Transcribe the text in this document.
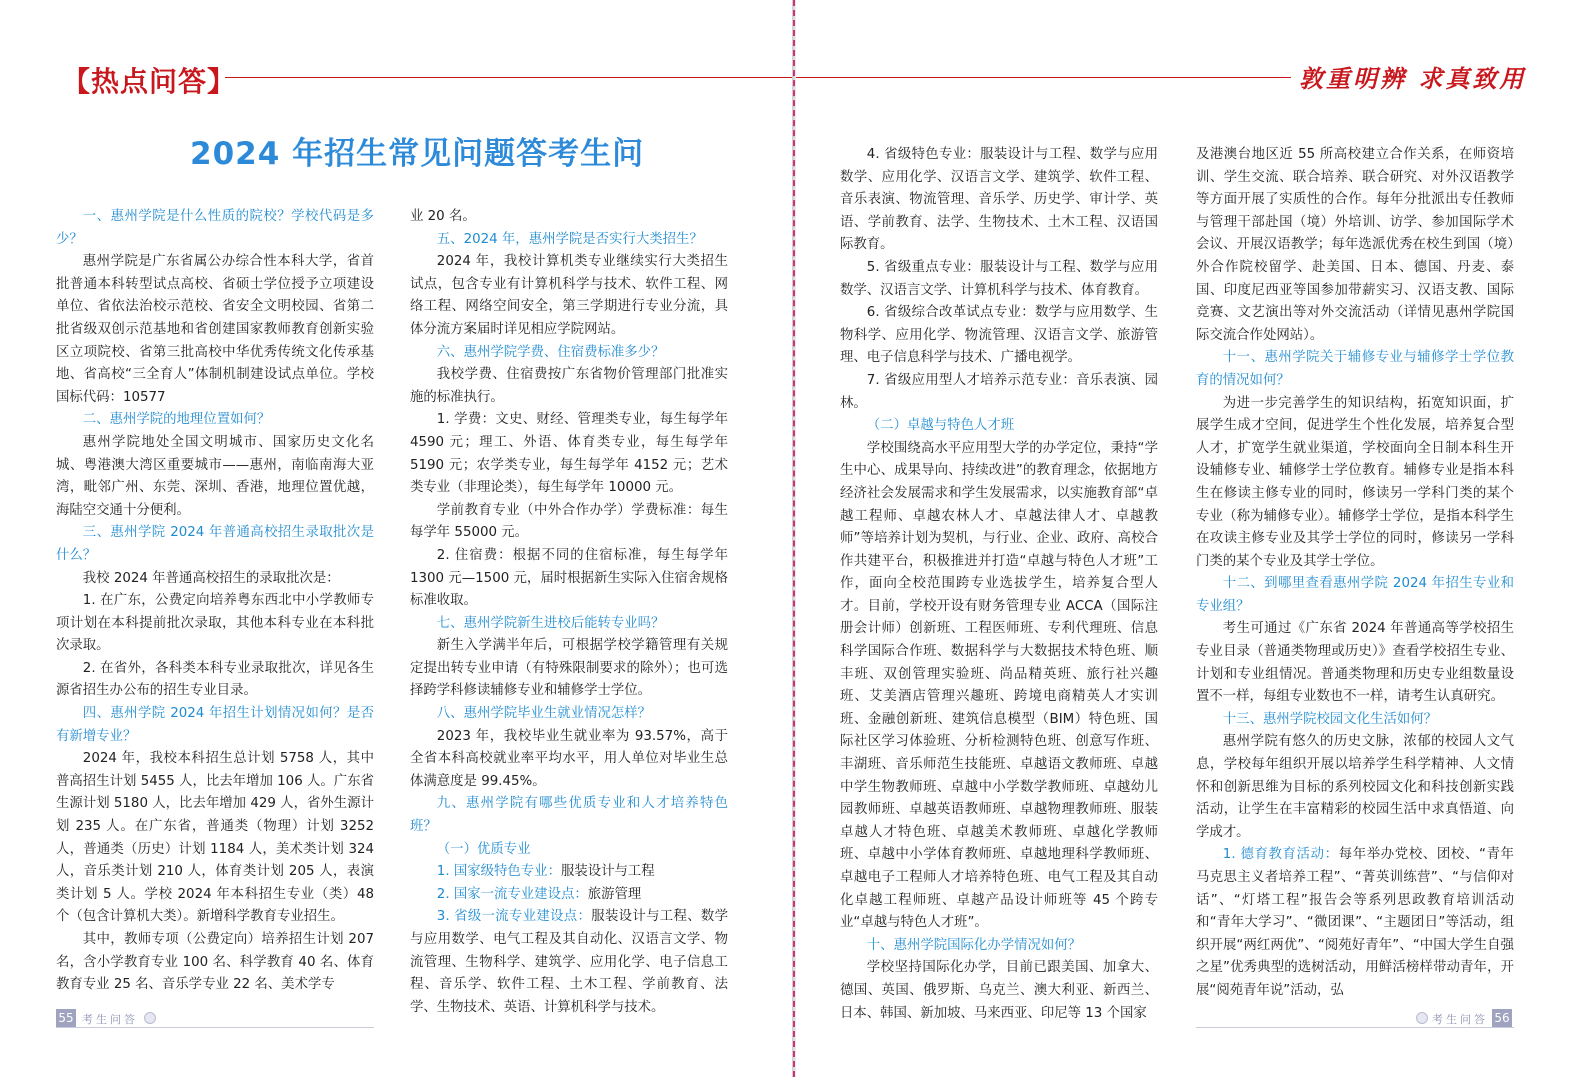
【热点问答】
2024 年招生常见问题答考生问

一、惠州学院是什么性质的院校？学校代码是多少？

惠州学院是广东省属公办综合性本科大学，省首批普通本科转型试点高校、省硕士学位授予立项建设单位、省依法治校示范校、省安全文明校园、省第二批省级双创示范基地和省创建国家教师教育创新实验区立项院校、省第三批高校中华优秀传统文化传承基地、省高校“三全育人”体制机制建设试点单位。学校国标代码：10577

二、惠州学院的地理位置如何？

惠州学院地处全国文明城市、国家历史文化名城、粤港澳大湾区重要城市——惠州，南临南海大亚湾，毗邻广州、东莞、深圳、香港，地理位置优越，海陆空交通十分便利。

三、惠州学院 2024 年普通高校招生录取批次是什么？

我校 2024 年普通高校招生的录取批次是：

1. 在广东，公费定向培养粤东西北中小学教师专项计划在本科提前批次录取，其他本科专业在本科批次录取。

2. 在省外，各科类本科专业录取批次，详见各生源省招生办公布的招生专业目录。

四、惠州学院 2024 年招生计划情况如何？是否有新增专业？

2024 年，我校本科招生总计划 5758 人，其中普高招生计划 5455 人，比去年增加 106 人。广东省生源计划 5180 人，比去年增加 429 人，省外生源计划 235 人。在广东省，普通类（物理）计划 3252 人，普通类（历史）计划 1184 人，美术类计划 324 人，音乐类计划 210 人，体育类计划 205 人，表演类计划 5 人。学校 2024 年本科招生专业（类）48 个（包含计算机大类）。新增科学教育专业招生。

其中，教师专项（公费定向）培养招生计划 207 名，含小学教育专业 100 名、科学教育 40 名、体育教育专业 25 名、音乐学专业 22 名、美术学专

业 20 名。

五、2024 年，惠州学院是否实行大类招生？

2024 年，我校计算机类专业继续实行大类招生试点，包含专业有计算机科学与技术、软件工程、网络工程、网络空间安全，第三学期进行专业分流，具体分流方案届时详见相应学院网站。

六、惠州学院学费、住宿费标准多少？

我校学费、住宿费按广东省物价管理部门批准实施的标准执行。

1. 学费：文史、财经、管理类专业，每生每学年 4590 元；理工、外语、体育类专业，每生每学年 5190 元；农学类专业，每生每学年 4152 元；艺术类专业（非理论类），每生每学年 10000 元。

学前教育专业（中外合作办学）学费标准：每生每学年 55000 元。

2. 住宿费：根据不同的住宿标准，每生每学年 1300 元—1500 元，届时根据新生实际入住宿舍规格标准收取。

七、惠州学院新生进校后能转专业吗？

新生入学满半年后，可根据学校学籍管理有关规定提出转专业申请（有特殊限制要求的除外）；也可选择跨学科修读辅修专业和辅修学士学位。

八、惠州学院毕业生就业情况怎样？

2023 年，我校毕业生就业率为 93.57%，高于全省本科高校就业率平均水平，用人单位对毕业生总体满意度是 99.45%。

九、惠州学院有哪些优质专业和人才培养特色班？

（一）优质专业

1. 国家级特色专业：服装设计与工程

2. 国家一流专业建设点：旅游管理

3. 省级一流专业建设点：服装设计与工程、数学与应用数学、电气工程及其自动化、汉语言文学、物流管理、生物科学、建筑学、应用化学、电子信息工程、音乐学、软件工程、土木工程、学前教育、法学、生物技术、英语、计算机科学与技术。

55 考生问答
敦重明辨 求真致用

4. 省级特色专业：服装设计与工程、数学与应用数学、应用化学、汉语言文学、建筑学、软件工程、音乐表演、物流管理、音乐学、历史学、审计学、英语、学前教育、法学、生物技术、土木工程、汉语国际教育。

5. 省级重点专业：服装设计与工程、数学与应用数学、汉语言文学、计算机科学与技术、体育教育。

6. 省级综合改革试点专业：数学与应用数学、生物科学、应用化学、物流管理、汉语言文学、旅游管理、电子信息科学与技术、广播电视学。

7. 省级应用型人才培养示范专业：音乐表演、园林。

（二）卓越与特色人才班

学校围绕高水平应用型大学的办学定位，秉持“学生中心、成果导向、持续改进”的教育理念，依据地方经济社会发展需求和学生发展需求，以实施教育部“卓越工程师、卓越农林人才、卓越法律人才、卓越教师”等培养计划为契机，与行业、企业、政府、高校合作共建平台，积极推进并打造“卓越与特色人才班”工作，面向全校范围跨专业选拔学生，培养复合型人才。目前，学校开设有财务管理专业 ACCA（国际注册会计师）创新班、工程医师班、专利代理班、信息科学国际合作班、数据科学与大数据技术特色班、顺丰班、双创管理实验班、尚品精英班、旅行社兴趣班、艾美酒店管理兴趣班、跨境电商精英人才实训班、金融创新班、建筑信息模型（BIM）特色班、国际社区学习体验班、分析检测特色班、创意写作班、丰湖班、音乐师范生技能班、卓越语文教师班、卓越中学生物教师班、卓越中小学数学教师班、卓越幼儿园教师班、卓越英语教师班、卓越物理教师班、服装卓越人才特色班、卓越美术教师班、卓越化学教师班、卓越中小学体育教师班、卓越地理科学教师班、卓越电子工程师人才培养特色班、电气工程及其自动化卓越工程师班、卓越产品设计师班等 45 个跨专业“卓越与特色人才班”。

十、惠州学院国际化办学情况如何？

学校坚持国际化办学，目前已跟美国、加拿大、德国、英国、俄罗斯、乌克兰、澳大利亚、新西兰、日本、韩国、新加坡、马来西亚、印尼等 13 个国家

及港澳台地区近 55 所高校建立合作关系，在师资培训、学生交流、联合培养、联合研究、对外汉语教学等方面开展了实质性的合作。每年分批派出专任教师与管理干部赴国（境）外培训、访学、参加国际学术会议、开展汉语教学；每年选派优秀在校生到国（境）外合作院校留学、赴美国、日本、德国、丹麦、泰国、印度尼西亚等国参加带薪实习、汉语支教、国际竞赛、文艺演出等对外交流活动（详情见惠州学院国际交流合作处网站）。

十一、惠州学院关于辅修专业与辅修学士学位教育的情况如何？

为进一步完善学生的知识结构，拓宽知识面，扩展学生成才空间，促进学生个性化发展，培养复合型人才，扩宽学生就业渠道，学校面向全日制本科生开设辅修专业、辅修学士学位教育。辅修专业是指本科生在修读主修专业的同时，修读另一学科门类的某个专业（称为辅修专业）。辅修学士学位，是指本科学生在攻读主修专业及其学士学位的同时，修读另一学科门类的某个专业及其学士学位。

十二、到哪里查看惠州学院 2024 年招生专业和专业组？

考生可通过《广东省 2024 年普通高等学校招生专业目录（普通类物理或历史）》查看学校招生专业、计划和专业组情况。普通类物理和历史专业组数量设置不一样，每组专业数也不一样，请考生认真研究。

十三、惠州学院校园文化生活如何？

惠州学院有悠久的历史文脉，浓郁的校园人文气息，学校每年组织开展以培养学生科学精神、人文情怀和创新思维为目标的系列校园文化和科技创新实践活动，让学生在丰富精彩的校园生活中求真悟道、向学成才。

1. 德育教育活动：每年举办党校、团校、“青年马克思主义者培养工程”、“菁英训练营”、“与信仰对话”、“灯塔工程”报告会等系列思政教育培训活动和“青年大学习”、“微团课”、“主题团日”等活动，组织开展“两红两优”、“阅苑好青年”、“中国大学生自强之星”优秀典型的选树活动，用鲜活榜样带动青年，开展“阅苑青年说”活动，弘

考生问答 56
